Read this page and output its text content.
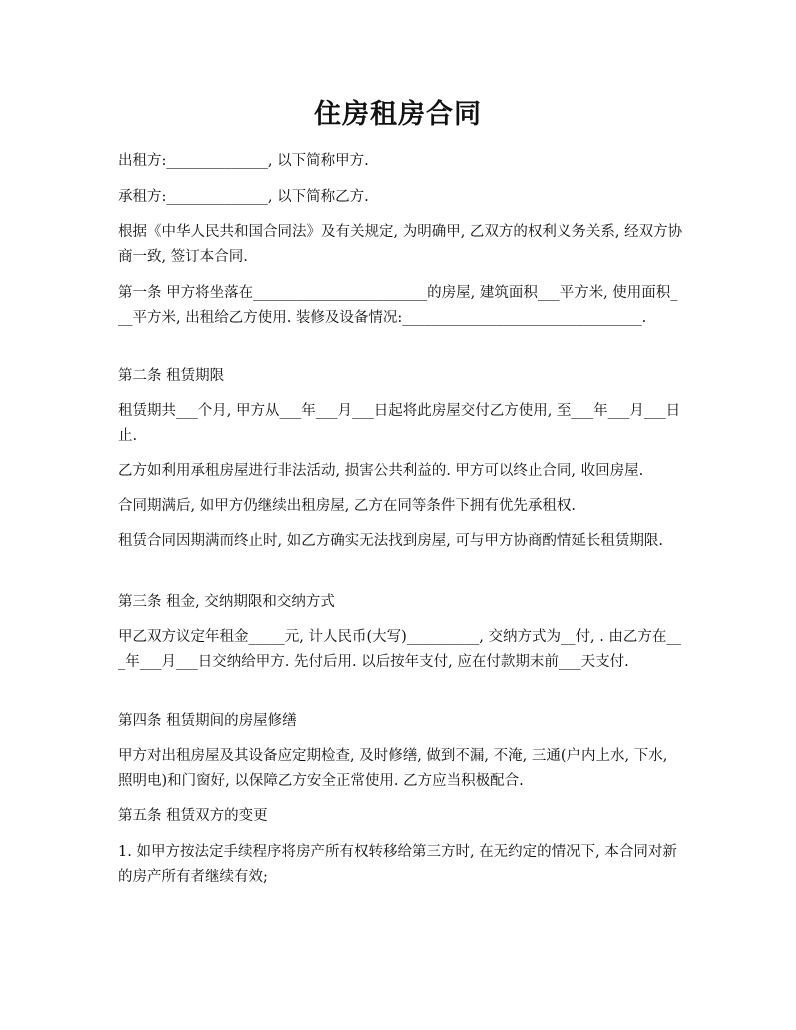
住房租房合同

出租方:______________, 以下简称甲方.

承租方:______________, 以下简称乙方.

根据《中华人民共和国合同法》及有关规定, 为明确甲, 乙双方的权利义务关系, 经双方协商一致, 签订本合同.

第一条 甲方将坐落在________________________的房屋, 建筑面积___平方米, 使用面积___平方米, 出租给乙方使用. 装修及设备情况:_________________________________.

第二条 租赁期限

租赁期共___个月, 甲方从___年___月___日起将此房屋交付乙方使用, 至___年___月___日止.

乙方如利用承租房屋进行非法活动, 损害公共利益的. 甲方可以终止合同, 收回房屋.

合同期满后, 如甲方仍继续出租房屋, 乙方在同等条件下拥有优先承租权.

租赁合同因期满而终止时, 如乙方确实无法找到房屋, 可与甲方协商酌情延长租赁期限.

第三条 租金, 交纳期限和交纳方式

甲乙双方议定年租金_____元, 计人民币(大写)__________, 交纳方式为__付, . 由乙方在___年___月___日交纳给甲方. 先付后用. 以后按年支付, 应在付款期末前___天支付.

第四条 租赁期间的房屋修缮

甲方对出租房屋及其设备应定期检查, 及时修缮, 做到不漏, 不淹, 三通(户内上水, 下水, 照明电)和门窗好, 以保障乙方安全正常使用. 乙方应当积极配合.

第五条 租赁双方的变更

1. 如甲方按法定手续程序将房产所有权转移给第三方时, 在无约定的情况下, 本合同对新的房产所有者继续有效;
